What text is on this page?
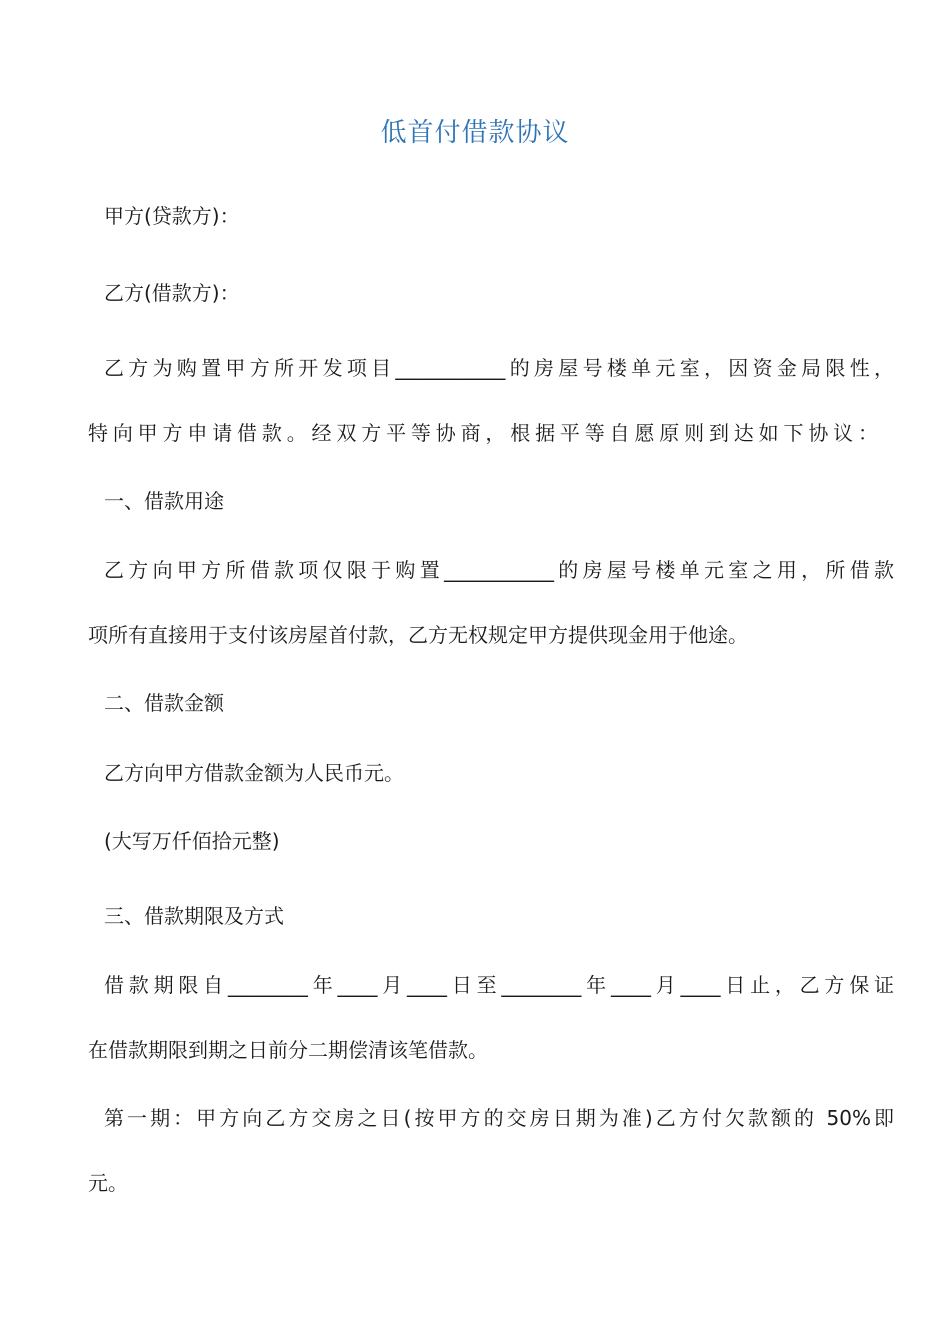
低首付借款协议
甲方(贷款方)：
乙方(借款方)：
乙方为购置甲方所开发项目___________的房屋号楼单元室，因资金局限性，
特向甲方申请借款。经双方平等协商，根据平等自愿原则到达如下协议：
一、借款用途
乙方向甲方所借款项仅限于购置___________的房屋号楼单元室之用，所借款
项所有直接用于支付该房屋首付款，乙方无权规定甲方提供现金用于他途。
二、借款金额
乙方向甲方借款金额为人民币元。
(大写万仟佰拾元整)
三、借款期限及方式
借款期限自________年____月____日至________年____月____日止，乙方保证
在借款期限到期之日前分二期偿清该笔借款。
第一期：甲方向乙方交房之日(按甲方的交房日期为准)乙方付欠款额的 50%即
元。
